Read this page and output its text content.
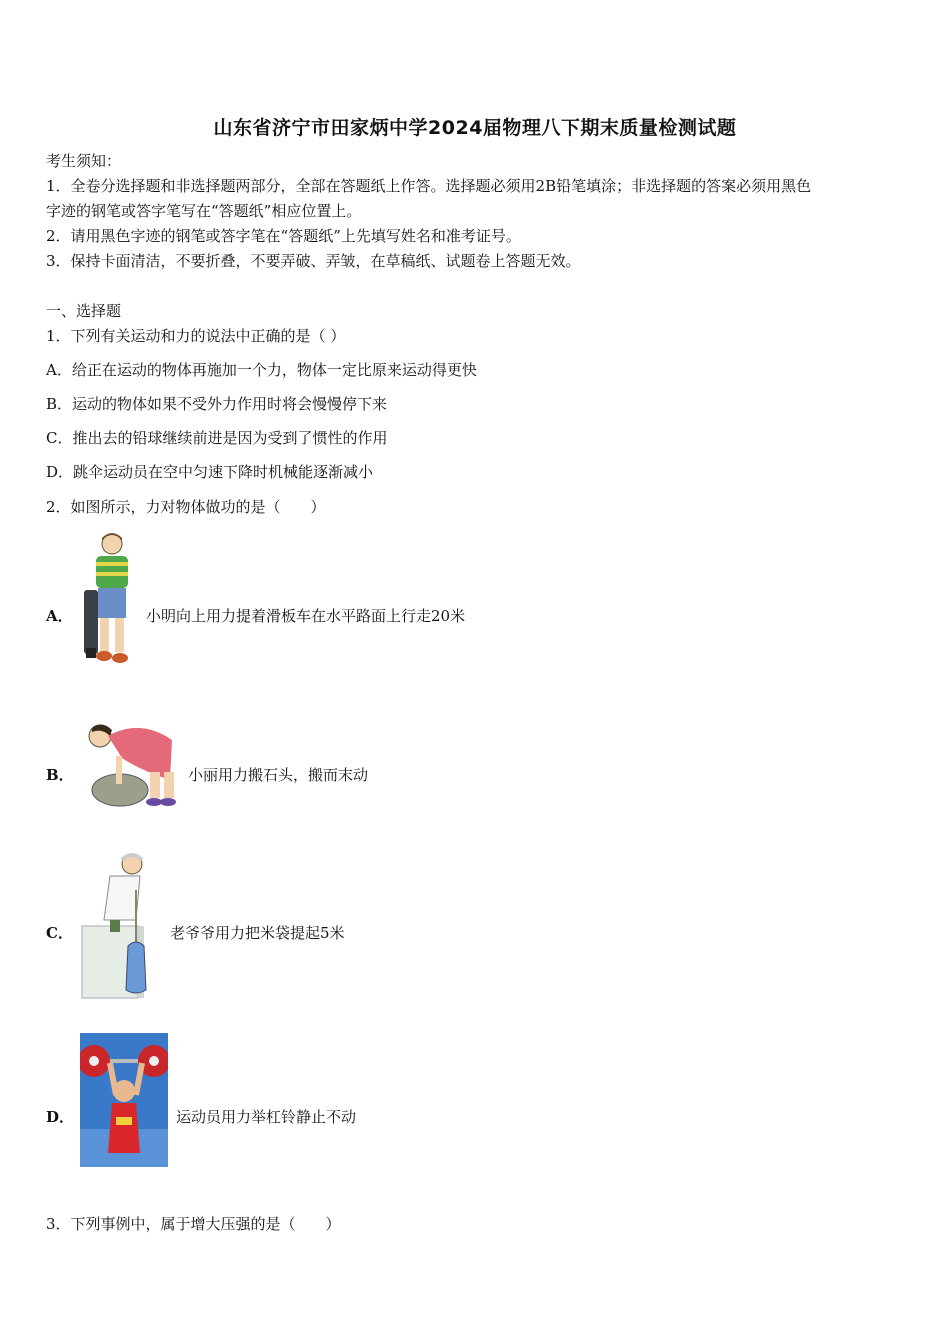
山东省济宁市田家炳中学2024届物理八下期末质量检测试题
考生须知：
1．全卷分选择题和非选择题两部分，全部在答题纸上作答。选择题必须用2B铅笔填涂；非选择题的答案必须用黑色
字迹的钢笔或答字笔写在“答题纸”相应位置上。
2．请用黑色字迹的钢笔或答字笔在“答题纸”上先填写姓名和准考证号。
3．保持卡面清洁，不要折叠，不要弄破、弄皱，在草稿纸、试题卷上答题无效。
一、选择题
1．下列有关运动和力的说法中正确的是（ ）
A．给正在运动的物体再施加一个力，物体一定比原来运动得更快
B．运动的物体如果不受外力作用时将会慢慢停下来
C．推出去的铅球继续前进是因为受到了惯性的作用
D．跳伞运动员在空中匀速下降时机械能逐渐减小
2．如图所示，力对物体做功的是（　　）
A．	小明向上用力提着滑板车在水平路面上行走20米
B．	小丽用力搬石头，搬而末动
C．	老爷爷用力把米袋提起5米
D．	运动员用力举杠铃静止不动
3．下列事例中，属于增大压强的是（　　）
